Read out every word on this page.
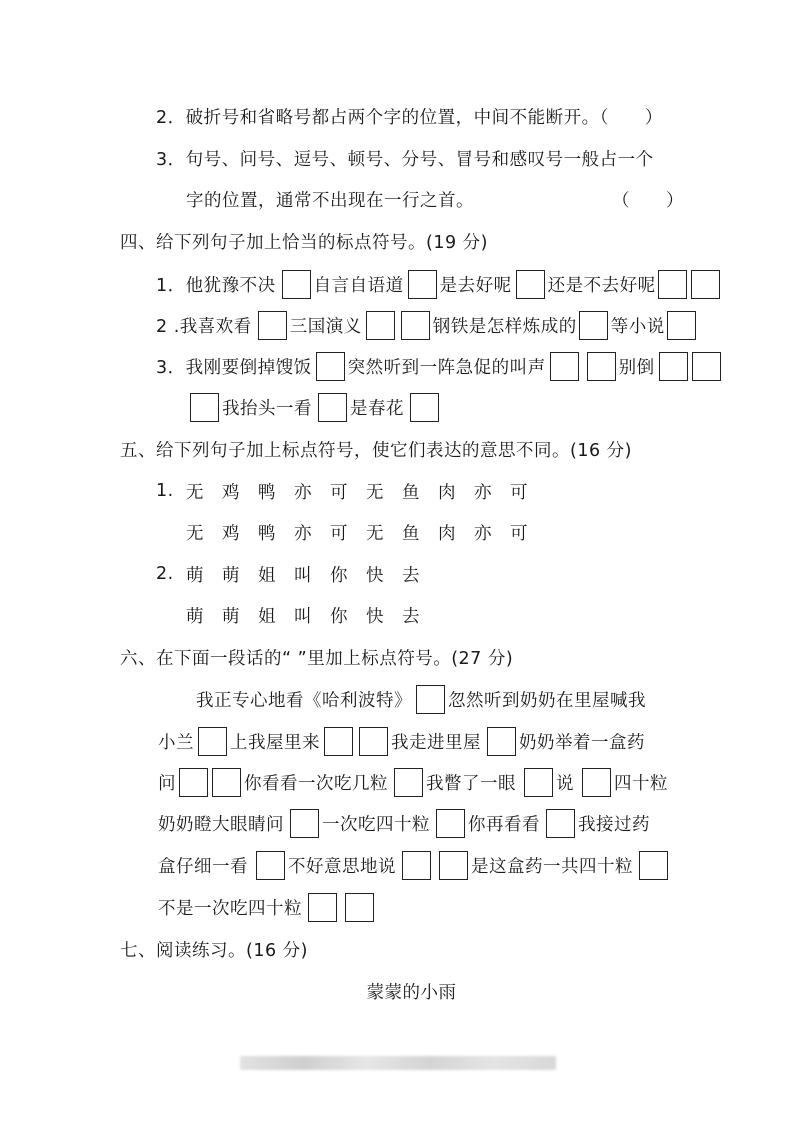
2．破折号和省略号都占两个字的位置，中间不能断开。（　　）
3．句号、问号、逗号、顿号、分号、冒号和感叹号一般占一个
字的位置，通常不出现在一行之首。	（　　）
四、给下列句子加上恰当的标点符号。(19 分)
1．他犹豫不决 自言自语道 是去好呢 还是不去好呢
2 .我喜欢看 三国演义	钢铁是怎样炼成的 等小说
3．我刚要倒掉馊饭 突然听到一阵急促的叫声	别倒
我抬头一看 是春花
五、给下列句子加上标点符号，使它们表达的意思不同。(16 分)
1. 无 鸡 鸭 亦 可 无 鱼 肉 亦 可
无 鸡 鸭 亦 可 无 鱼 肉 亦 可
2. 萌 萌 姐 叫 你 快 去
萌 萌 姐 叫 你 快 去
六、在下面一段话的“ ”里加上标点符号。(27 分)
我正专心地看《哈利波特》 忽然听到奶奶在里屋喊我
小兰 上我屋里来	我走进里屋 奶奶举着一盒药
问	你看看一次吃几粒 我瞥了一眼 说 四十粒
奶奶瞪大眼睛问 一次吃四十粒 你再看看 我接过药
盒仔细一看 不好意思地说	是这盒药一共四十粒
不是一次吃四十粒
七、阅读练习。(16 分)
蒙蒙的小雨
